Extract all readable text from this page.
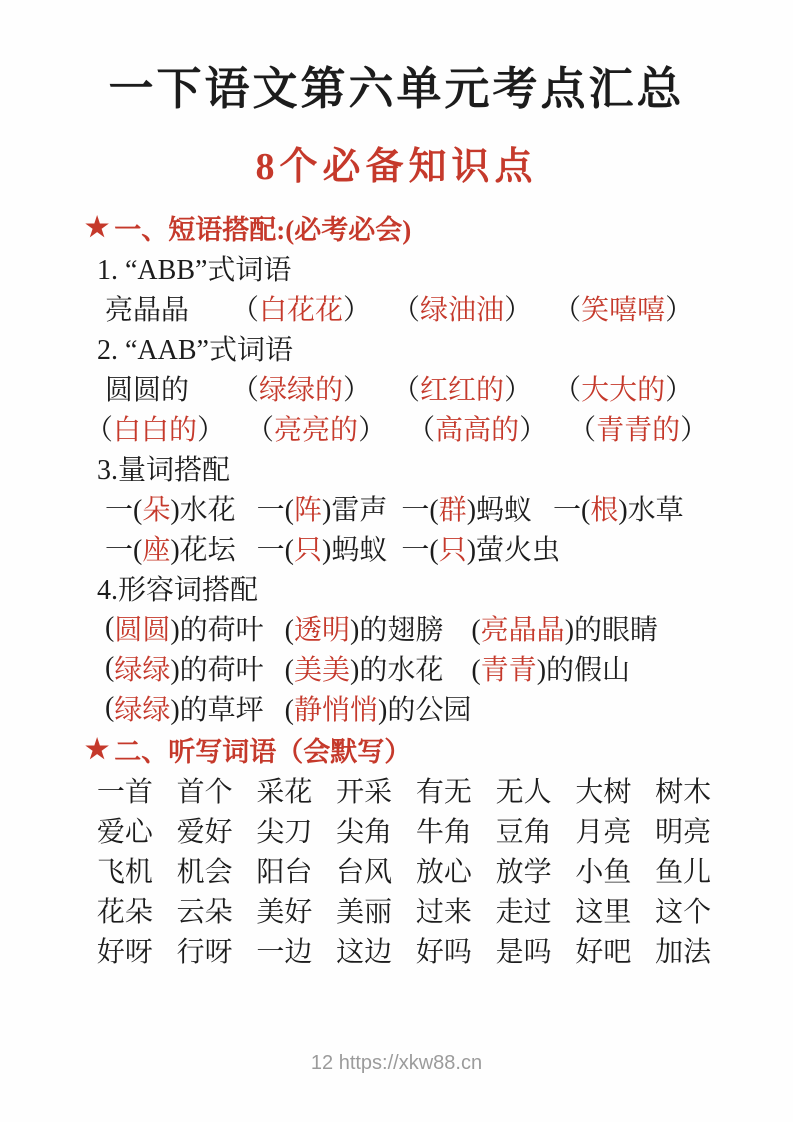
一下语文第六单元考点汇总
8个必备知识点
★ 一、短语搭配:(必考必会)
1. “ABB”式词语
亮晶晶      （ 白花花 ）   （ 绿油油 ）   （ 笑嘻嘻 ）
2. “AAB”式词语
圆圆的      （ 绿绿的 ）   （ 红红的 ）   （ 大大的 ）
（ 白白的 ）   （ 亮亮的 ）   （ 高高的 ）   （ 青青的 ）
3.量词搭配
一( 朵 )水花   一( 阵 )雷声  一( 群 )蚂蚁   一( 根 )水草
一( 座 )花坛   一( 只 )蚂蚁  一( 只 )萤火虫
4.形容词搭配
( 圆圆 )的荷叶   ( 透明 )的翅膀    ( 亮晶晶 )的眼睛
( 绿绿 )的荷叶   ( 美美 )的水花    ( 青青 )的假山
( 绿绿 )的草坪   ( 静悄悄 )的公园
★ 二、听写词语（会默写）
一首 首个 采花 开采 有无 无人 大树 树木
爱心 爱好 尖刀 尖角 牛角 豆角 月亮 明亮
飞机 机会 阳台 台风 放心 放学 小鱼 鱼儿
花朵 云朵 美好 美丽 过来 走过 这里 这个
好呀 行呀 一边 这边 好吗 是吗 好吧 加法
12 https://xkw88.cn
